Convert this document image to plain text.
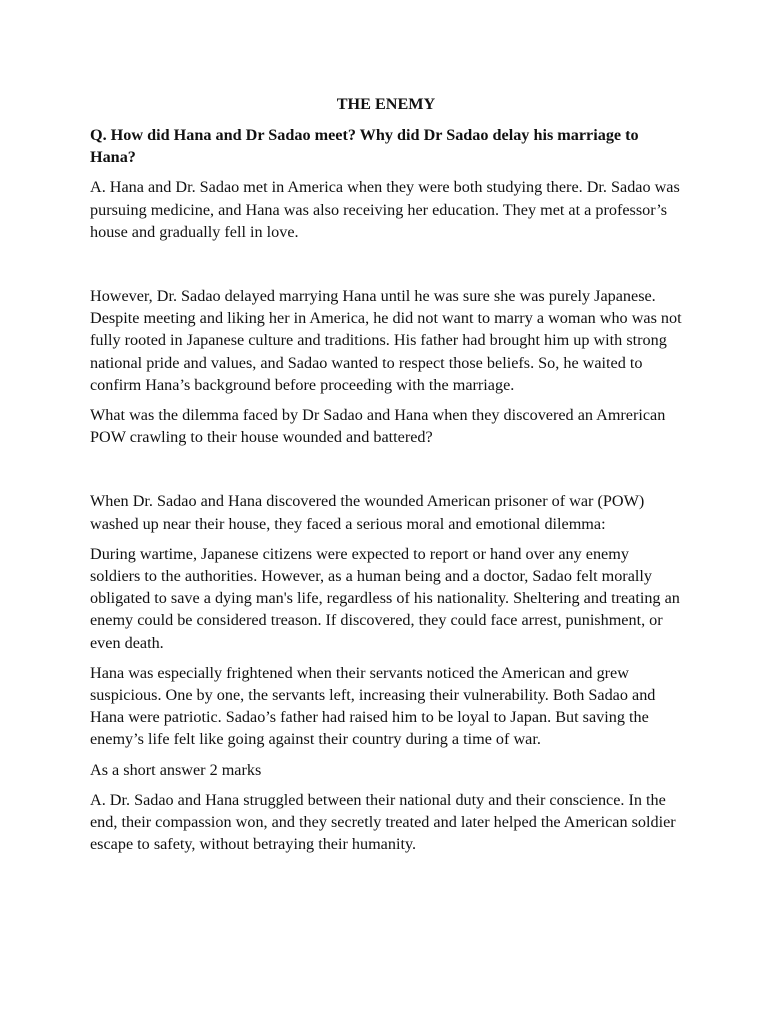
THE ENEMY
Q. How did Hana and Dr Sadao meet? Why did Dr Sadao delay his marriage to Hana?
A. Hana and Dr. Sadao met in America when they were both studying there. Dr. Sadao was pursuing medicine, and Hana was also receiving her education. They met at a professor’s house and gradually fell in love.
However, Dr. Sadao delayed marrying Hana until he was sure she was purely Japanese. Despite meeting and liking her in America, he did not want to marry a woman who was not fully rooted in Japanese culture and traditions. His father had brought him up with strong national pride and values, and Sadao wanted to respect those beliefs. So, he waited to confirm Hana’s background before proceeding with the marriage.
What was the dilemma faced by Dr Sadao and Hana when they discovered an Amrerican POW crawling to their house wounded and battered?
When Dr. Sadao and Hana discovered the wounded American prisoner of war (POW) washed up near their house, they faced a serious moral and emotional dilemma:
During wartime, Japanese citizens were expected to report or hand over any enemy soldiers to the authorities. However, as a human being and a doctor, Sadao felt morally obligated to save a dying man's life, regardless of his nationality. Sheltering and treating an enemy could be considered treason. If discovered, they could face arrest, punishment, or even death.
Hana was especially frightened when their servants noticed the American and grew suspicious. One by one, the servants left, increasing their vulnerability. Both Sadao and Hana were patriotic. Sadao’s father had raised him to be loyal to Japan. But saving the enemy’s life felt like going against their country during a time of war.
As a short answer 2 marks
A. Dr. Sadao and Hana struggled between their national duty and their conscience. In the end, their compassion won, and they secretly treated and later helped the American soldier escape to safety, without betraying their humanity.
